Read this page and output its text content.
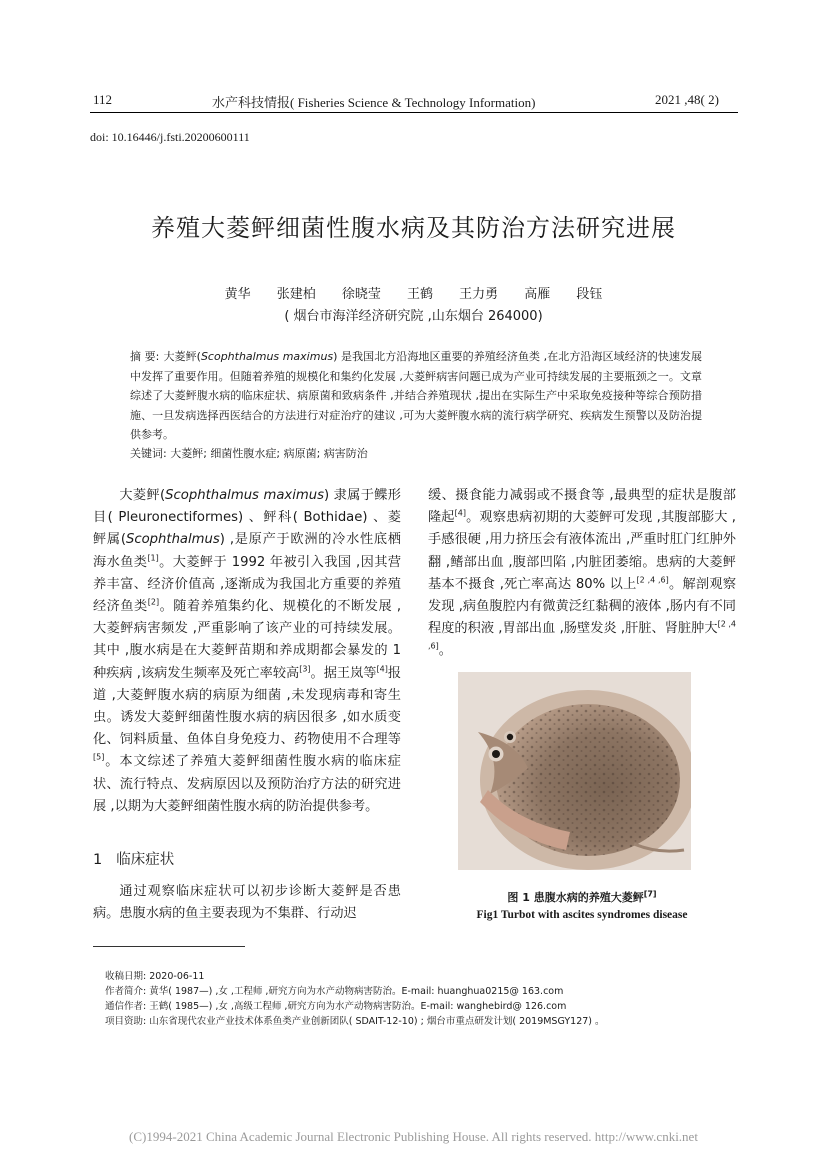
112	水产科技情报( Fisheries Science & Technology Information)	2021 ,48( 2)
doi: 10.16446/j.fsti.20200600111
养殖大菱鲆细菌性腹水病及其防治方法研究进展
黄华 张建柏 徐晓莹 王鹤 王力勇 高雁 段钰
( 烟台市海洋经济研究院 ,山东烟台 264000)
摘 要: 大菱鲆(Scophthalmus maximus) 是我国北方沿海地区重要的养殖经济鱼类 ,在北方沿海区域经济的快速发展中发挥了重要作用。但随着养殖的规模化和集约化发展 ,大菱鲆病害问题已成为产业可持续发展的主要瓶颈之一。文章综述了大菱鲆腹水病的临床症状、病原菌和致病条件 ,并结合养殖现状 ,提出在实际生产中采取免疫接种等综合预防措施、一旦发病选择西医结合的方法进行对症治疗的建议 ,可为大菱鲆腹水病的流行病学研究、疾病发生预警以及防治提供参考。
关键词: 大菱鲆; 细菌性腹水症; 病原菌; 病害防治

大菱鲆(Scophthalmus maximus) 隶属于鲽形目( Pleuronectiformes) 、鲆科( Bothidae) 、菱鲆属(Scophthalmus) ,是原产于欧洲的冷水性底栖海水鱼类[1]。大菱鲆于 1992 年被引入我国 ,因其营养丰富、经济价值高 ,逐渐成为我国北方重要的养殖经济鱼类[2]。随着养殖集约化、规模化的不断发展 ,大菱鲆病害频发 ,严重影响了该产业的可持续发展。其中 ,腹水病是在大菱鲆苗期和养成期都会暴发的 1 种疾病 ,该病发生频率及死亡率较高[3]。据王岚等[4]报道 ,大菱鲆腹水病的病原为细菌 ,未发现病毒和寄生虫。诱发大菱鲆细菌性腹水病的病因很多 ,如水质变化、饲料质量、鱼体自身免疫力、药物使用不合理等[5]。本文综述了养殖大菱鲆细菌性腹水病的临床症状、流行特点、发病原因以及预防治疗方法的研究进展 ,以期为大菱鲆细菌性腹水病的防治提供参考。

1 临床症状

通过观察临床症状可以初步诊断大菱鲆是否患病。患腹水病的鱼主要表现为不集群、行动迟

缓、摄食能力减弱或不摄食等 ,最典型的症状是腹部隆起[4]。观察患病初期的大菱鲆可发现 ,其腹部膨大 ,手感很硬 ,用力挤压会有液体流出 ,严重时肛门红肿外翻 ,鳍部出血 ,腹部凹陷 ,内脏团萎缩。患病的大菱鲆基本不摄食 ,死亡率高达 80% 以上[2 ,4 ,6]。解剖观察发现 ,病鱼腹腔内有微黄泛红黏稠的液体 ,肠内有不同程度的积液 ,胃部出血 ,肠壁发炎 ,肝脏、肾脏肿大[2 ,4 ,6]。

图 1 患腹水病的养殖大菱鲆[7]
Fig1 Turbot with ascites syndromes disease
收稿日期: 2020-06-11
作者简介: 黄华( 1987—) ,女 ,工程师 ,研究方向为水产动物病害防治。E-mail: huanghua0215@ 163.com
通信作者: 王鹤( 1985—) ,女 ,高级工程师 ,研究方向为水产动物病害防治。E-mail: wanghebird@ 126.com
项目资助: 山东省现代农业产业技术体系鱼类产业创新团队( SDAIT-12-10) ; 烟台市重点研发计划( 2019MSGY127) 。
(C)1994-2021 China Academic Journal Electronic Publishing House. All rights reserved. http://www.cnki.net
